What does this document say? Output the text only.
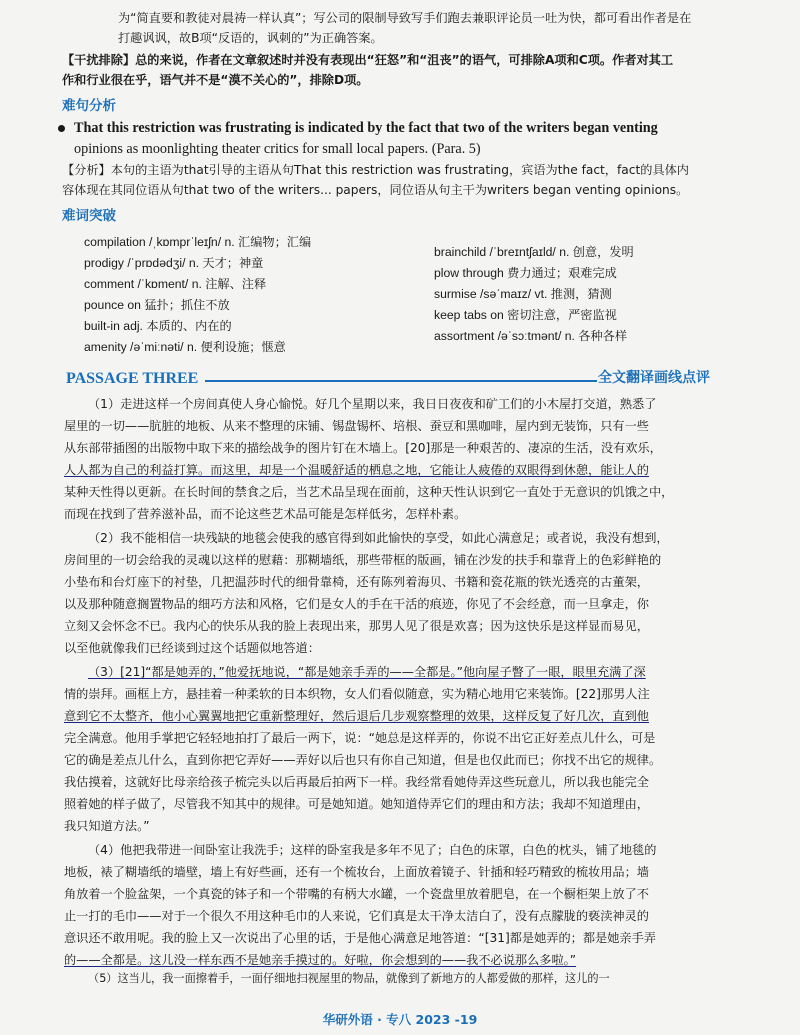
为“简直要和教徒对晨祷一样认真”；写公司的限制导致写手们跑去兼职评论员一吐为快，都可看出作者是在
打趣讽讽，故B项“反语的，讽刺的”为正确答案。
【干扰排除】总的来说，作者在文章叙述时并没有表现出“狂怒”和“沮丧”的语气，可排除A项和C项。作者对其工
作和行业很在乎，语气并不是“漠不关心的”，排除D项。
难句分析
That this restriction was frustrating is indicated by the fact that two of the writers began venting
opinions as moonlighting theater critics for small local papers. (Para. 5)
【分析】本句的主语为that引导的主语从句That this restriction was frustrating，宾语为the fact，fact的具体内
容体现在其同位语从句that two of the writers... papers，同位语从句主干为writers began venting opinions。
难词突破
compilation /ˌkɒmprˈleɪʃn/ n. 汇编物；汇编
prodigy /ˈprɒdədʒi/ n. 天才；神童
comment /ˈkɒment/ n. 注解、注释
pounce on 猛扑；抓住不放
built-in adj. 本质的、内在的
amenity /əˈmiːnəti/ n. 便利设施；惬意
brainchild /ˈbreɪntʃaɪld/ n. 创意，发明
plow through 费力通过；艰难完成
surmise /səˈmaɪz/ vt. 推测，猜测
keep tabs on 密切注意，严密监视
assortment /əˈsɔːtmənt/ n. 各种各样
PASSAGE THREE	全文翻译画线点评
（1）走进这样一个房间真使人身心愉悦。好几个星期以来，我日日夜夜和矿工们的小木屋打交道，熟悉了
屋里的一切——肮脏的地板、从来不整理的床铺、锡盘锡杯、培根、蚕豆和黑咖啡，屋内到无装饰，只有一些
从东部带插图的出版物中取下来的描绘战争的图片钉在木墙上。[20]那是一种艰苦的、凄凉的生活，没有欢乐，
人人都为自己的利益打算。而这里，却是一个温暖舒适的栖息之地，它能让人疲倦的双眼得到休憩，能让人的
某种天性得以更新。在长时间的禁食之后，当艺术品呈现在面前，这种天性认识到它一直处于无意识的饥饿之中，
而现在找到了营养滋补品，而不论这些艺术品可能是怎样低劣，怎样朴素。
（2）我不能相信一块残缺的地毯会使我的感官得到如此愉快的享受，如此心满意足；或者说，我没有想到，
房间里的一切会给我的灵魂以这样的慰藉：那糊墙纸，那些带框的版画，铺在沙发的扶手和靠背上的色彩鲜艳的
小垫布和台灯座下的衬垫，几把温莎时代的细骨靠椅，还有陈列着海贝、书籍和瓷花瓶的铁光透亮的古董架，
以及那种随意搁置物品的细巧方法和风格，它们是女人的手在干活的痕迹，你见了不会经意，而一旦拿走，你
立刻又会怀念不已。我内心的快乐从我的脸上表现出来，那男人见了很是欢喜；因为这快乐是这样显而易见，
以至他就像我们已经谈到过这个话题似地答道：
（3）[21]“都是她弄的，”他爱抚地说，“都是她亲手弄的——全都是。”他向屋子瞥了一眼，眼里充满了深
情的崇拜。画框上方，悬挂着一种柔软的日本织物，女人们看似随意，实为精心地用它来装饰。[22]那男人注
意到它不太整齐，他小心翼翼地把它重新整理好，然后退后几步观察整理的效果，这样反复了好几次，直到他
完全满意。他用手掌把它轻轻地拍打了最后一两下，说：“她总是这样弄的，你说不出它正好差点儿什么，可是
它的确是差点儿什么，直到你把它弄好——弄好以后也只有你自己知道，但是也仅此而已；你找不出它的规律。
我估摸着，这就好比母亲给孩子梳完头以后再最后拍两下一样。我经常看她侍弄这些玩意儿，所以我也能完全
照着她的样子做了，尽管我不知其中的规律。可是她知道。她知道侍弄它们的理由和方法；我却不知道理由，
我只知道方法。”
（4）他把我带进一间卧室让我洗手；这样的卧室我是多年不见了；白色的床罩，白色的枕头，铺了地毯的
地板，裱了糊墙纸的墙壁，墙上有好些画，还有一个梳妆台，上面放着镜子、针插和轻巧精致的梳妆用品；墙
角放着一个脸盆架，一个真瓷的钵子和一个带嘴的有柄大水罐，一个瓷盘里放着肥皂，在一个橱柜架上放了不
止一打的毛巾——对于一个很久不用这种毛巾的人来说，它们真是太干净太洁白了，没有点朦胧的亵渎神灵的
意识还不敢用呢。我的脸上又一次说出了心里的话，于是他心满意足地答道：“[31]都是她弄的；都是她亲手弄
的——全都是。这儿没一样东西不是她亲手摸过的。好啦，你会想到的——我不必说那么多啦。”
（5）这当儿，我一面擦着手，一面仔细地扫视屋里的物品，就像到了新地方的人都爱做的那样，这儿的一
华研外语 · 专八 2023 -19
